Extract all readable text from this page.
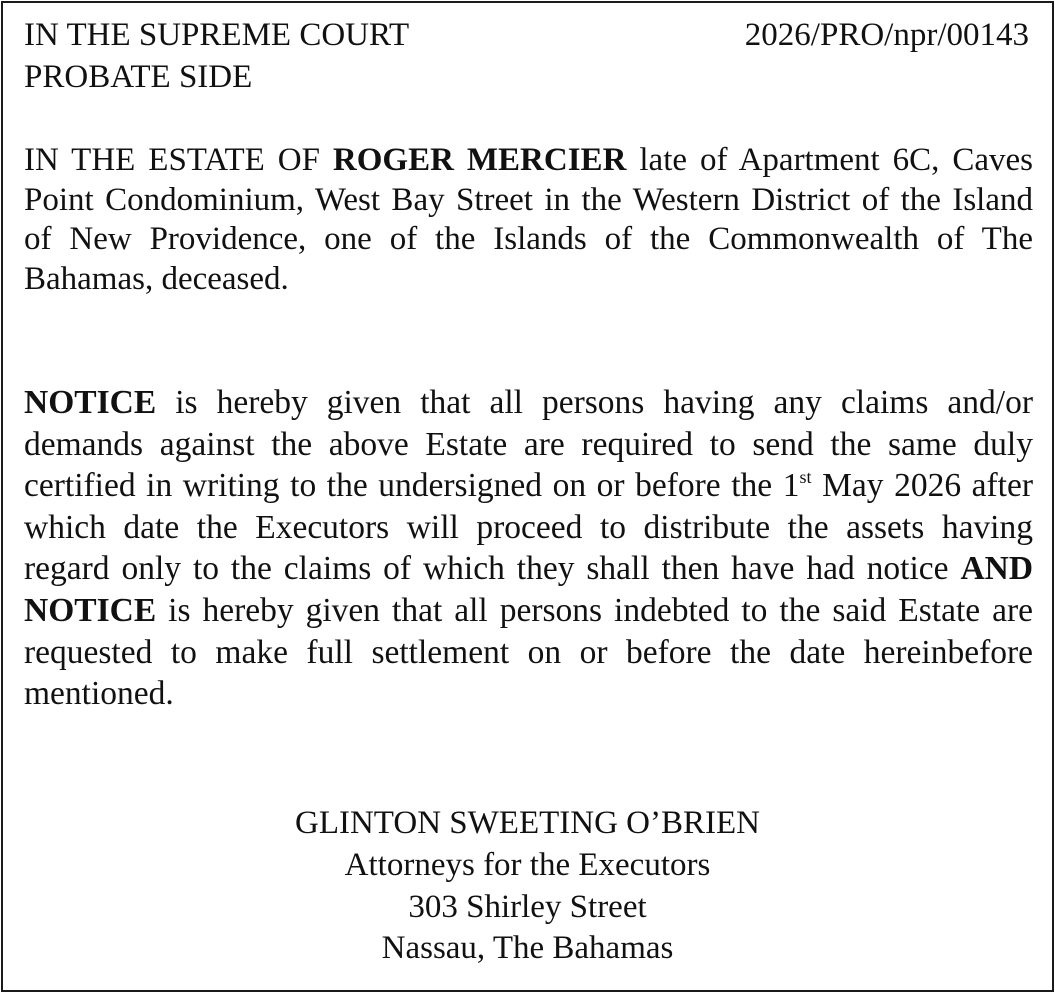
IN THE SUPREME COURT	2026/PRO/npr/00143
PROBATE SIDE

IN THE ESTATE OF ROGER MERCIER late of Apartment 6C, Caves Point Condominium, West Bay Street in the Western District of the Island of New Providence, one of the Islands of the Commonwealth of The Bahamas, deceased.

NOTICE is hereby given that all persons having any claims and/or demands against the above Estate are required to send the same duly certified in writing to the undersigned on or before the 1st May 2026 after which date the Executors will proceed to distribute the assets having regard only to the claims of which they shall then have had notice AND NOTICE is hereby given that all persons indebted to the said Estate are requested to make full settlement on or before the date hereinbefore mentioned.

GLINTON SWEETING O’BRIEN
Attorneys for the Executors
303 Shirley Street
Nassau, The Bahamas
